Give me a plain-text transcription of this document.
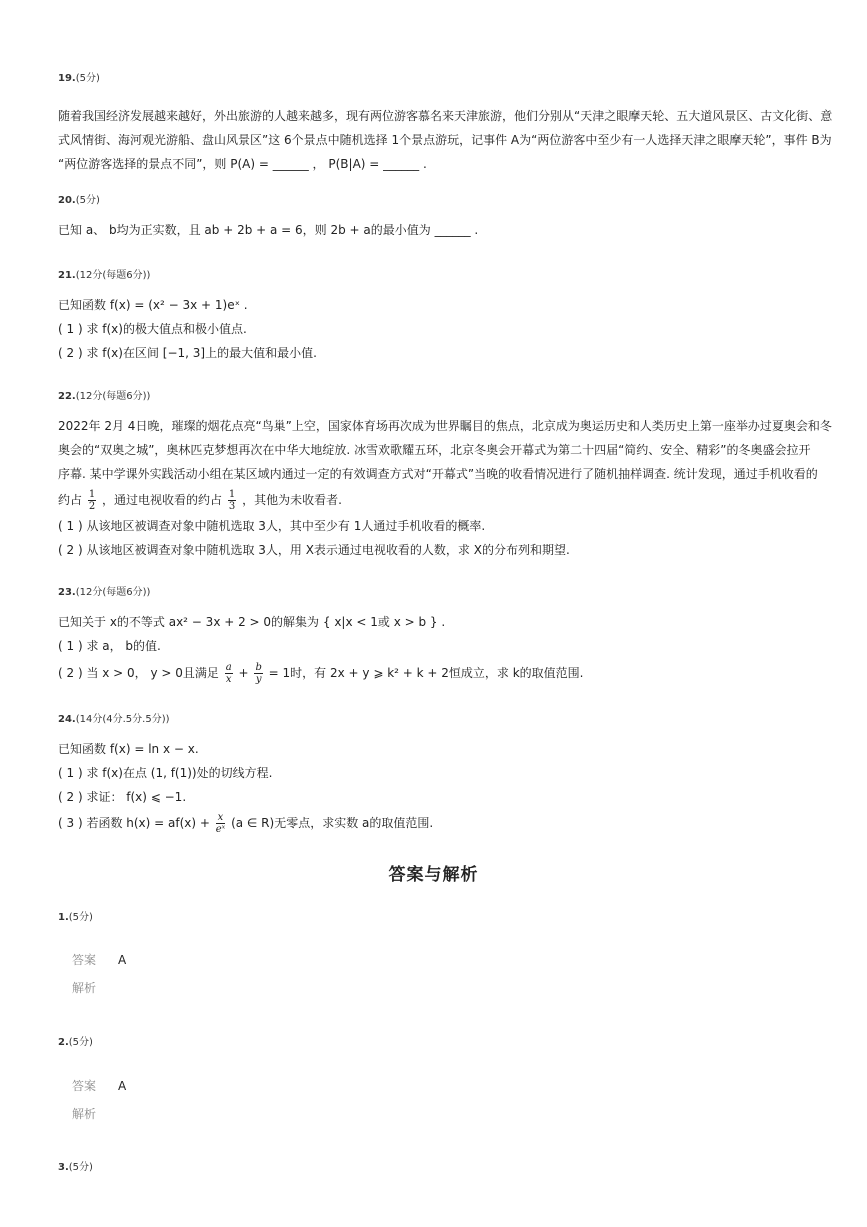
19.(5分)
随着我国经济发展越来越好，外出旅游的人越来越多，现有两位游客慕名来天津旅游，他们分别从“天津之眼摩天轮、五大道风景区、古文化街、意
式风情街、海河观光游船、盘山风景区”这 6个景点中随机选择 1个景点游玩，记事件 A为“两位游客中至少有一人选择天津之眼摩天轮”，事件 B为
“两位游客选择的景点不同”，则 P(A) = ______ ， P(B|A) = ______ .
20.(5分)
已知 a、 b均为正实数，且 ab + 2b + a = 6，则 2b + a的最小值为 ______ .
21.(12分(每题6分))
已知函数 f(x) = (x² − 3x + 1)eˣ .
( 1 ) 求 f(x)的极大值点和极小值点.
( 2 ) 求 f(x)在区间 [−1, 3]上的最大值和最小值.
22.(12分(每题6分))
2022年 2月 4日晚，璀璨的烟花点亮“鸟巢”上空，国家体育场再次成为世界瞩目的焦点，北京成为奥运历史和人类历史上第一座举办过夏奥会和冬
奥会的“双奥之城”，奥林匹克梦想再次在中华大地绽放. 冰雪欢歌耀五环，北京冬奥会开幕式为第二十四届“简约、安全、精彩”的冬奥盛会拉开
序幕. 某中学课外实践活动小组在某区域内通过一定的有效调查方式对“开幕式”当晚的收看情况进行了随机抽样调查. 统计发现，通过手机收看的
约占 $\frac{1}{2}$ ，通过电视收看的约占 $\frac{1}{3}$ ，其他为未收看者.
( 1 ) 从该地区被调查对象中随机选取 3人，其中至少有 1人通过手机收看的概率.
( 2 ) 从该地区被调查对象中随机选取 3人，用 X表示通过电视收看的人数，求 X的分布列和期望.
23.(12分(每题6分))
已知关于 x的不等式 ax² − 3x + 2 > 0的解集为 { x|x < 1或 x > b } .
( 1 ) 求 a， b的值.
( 2 ) 当 x > 0， y > 0且满足 $\frac{a}{x} + \frac{b}{y} = 1$时，有 2x + y ⩾ k² + k + 2恒成立，求 k的取值范围.
24.(14分(4分.5分.5分))
已知函数 f(x) = ln x − x.
( 1 ) 求 f(x)在点 (1, f(1))处的切线方程.
( 2 ) 求证： f(x) ⩽ −1.
( 3 ) 若函数 $h(x) = af(x) + \frac{x}{\text{eˣ}} (a$ ∈ R)无零点，求实数 a的取值范围.
答案与解析
1.(5分)
答案 A
解析
2.(5分)
答案 A
解析
3.(5分)
